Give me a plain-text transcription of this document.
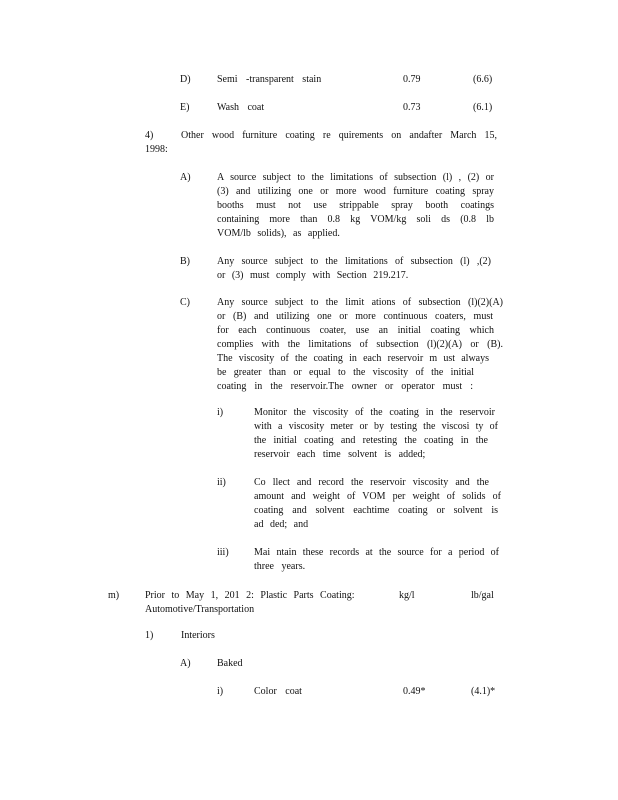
D)	Semi -transparent stain	0.79	(6.6)
E)	Wash coat	0.73	(6.1)
4)	Other wood furniture coating re quirements on andafter March 15,
1998:
A)	A source subject to the limitations of subsection (l) , (2) or
(3) and utilizing one or more wood furniture coating spray
booths must not use strippable spray booth coatings
containing more than 0.8 kg VOM/kg soli ds (0.8 lb
VOM/lb solids), as applied.
B)	Any source subject to the limitations of subsection (l) ,(2)
or (3) must comply with Section 219.217.
C)	Any source subject to the limit ations of subsection (l)(2)(A)
or (B) and utilizing one or more continuous coaters, must
for each continuous coater, use an initial coating which
complies with the limitations of subsection (l)(2)(A) or (B).
The viscosity of the coating in each reservoir m ust always
be greater than or equal to the viscosity of the initial
coating in the reservoir.The owner or operator must :
i)	Monitor the viscosity of the coating in the reservoir
with a viscosity meter or by testing the viscosi ty of
the initial coating and retesting the coating in the
reservoir each time solvent is added;
ii)	Co llect and record the reservoir viscosity and the
amount and weight of VOM per weight of solids of
coating and solvent eachtime coating or solvent is
ad ded; and
iii)	Mai ntain these records at the source for a period of
three years.
m)	Prior to May 1, 201 2: Plastic Parts Coating:
Automotive/Transportation
kg/l	lb/gal
1)	Interiors
A)	Baked
i)	Color coat	0.49*	(4.1)*
